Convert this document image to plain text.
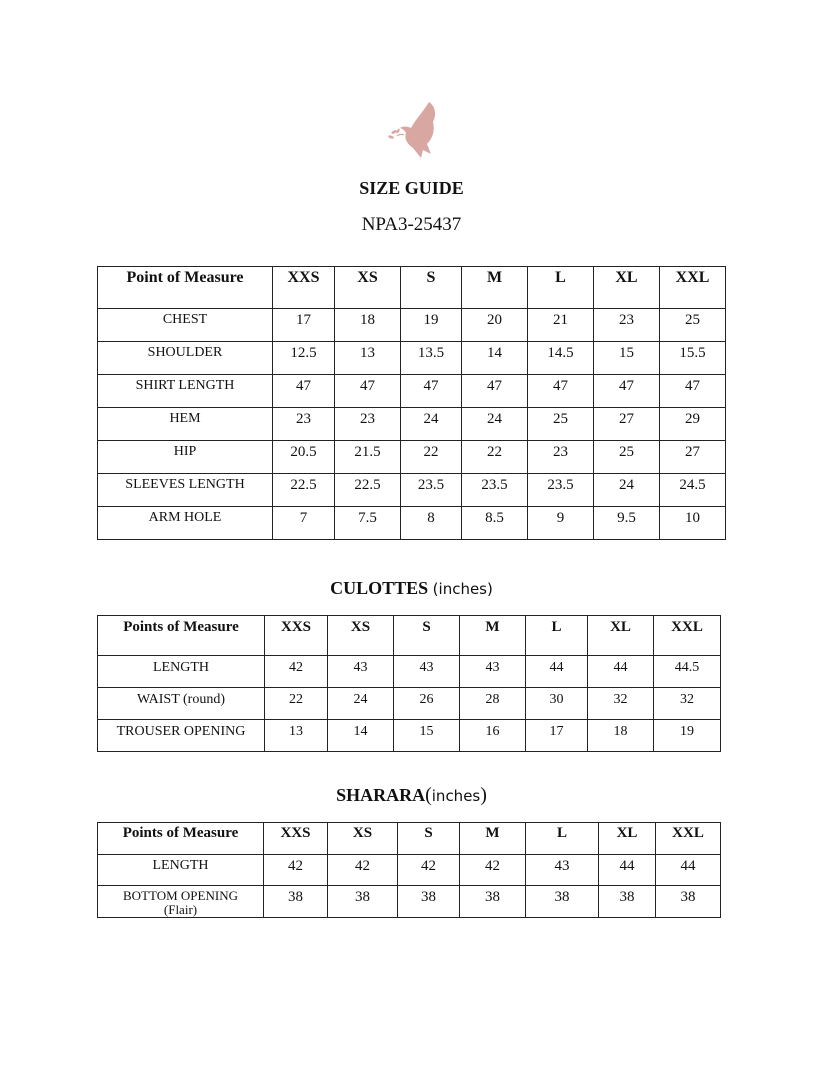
SIZE GUIDE
NPA3-25437
Point of Measure	XXS	XS	S	M	L	XL	XXL
CHEST	17	18	19	20	21	23	25
SHOULDER	12.5	13	13.5	14	14.5	15	15.5
SHIRT LENGTH	47	47	47	47	47	47	47
HEM	23	23	24	24	25	27	29
HIP	20.5	21.5	22	22	23	25	27
SLEEVES LENGTH	22.5	22.5	23.5	23.5	23.5	24	24.5
ARM HOLE	7	7.5	8	8.5	9	9.5	10
CULOTTES (inches)
Points of Measure	XXS	XS	S	M	L	XL	XXL
LENGTH	42	43	43	43	44	44	44.5
WAIST (round)	22	24	26	28	30	32	32
TROUSER OPENING	13	14	15	16	17	18	19
SHARARA(inches)
Points of Measure	XXS	XS	S	M	L	XL	XXL
LENGTH	42	42	42	42	43	44	44
BOTTOM OPENING
(Flair)	38	38	38	38	38	38	38
